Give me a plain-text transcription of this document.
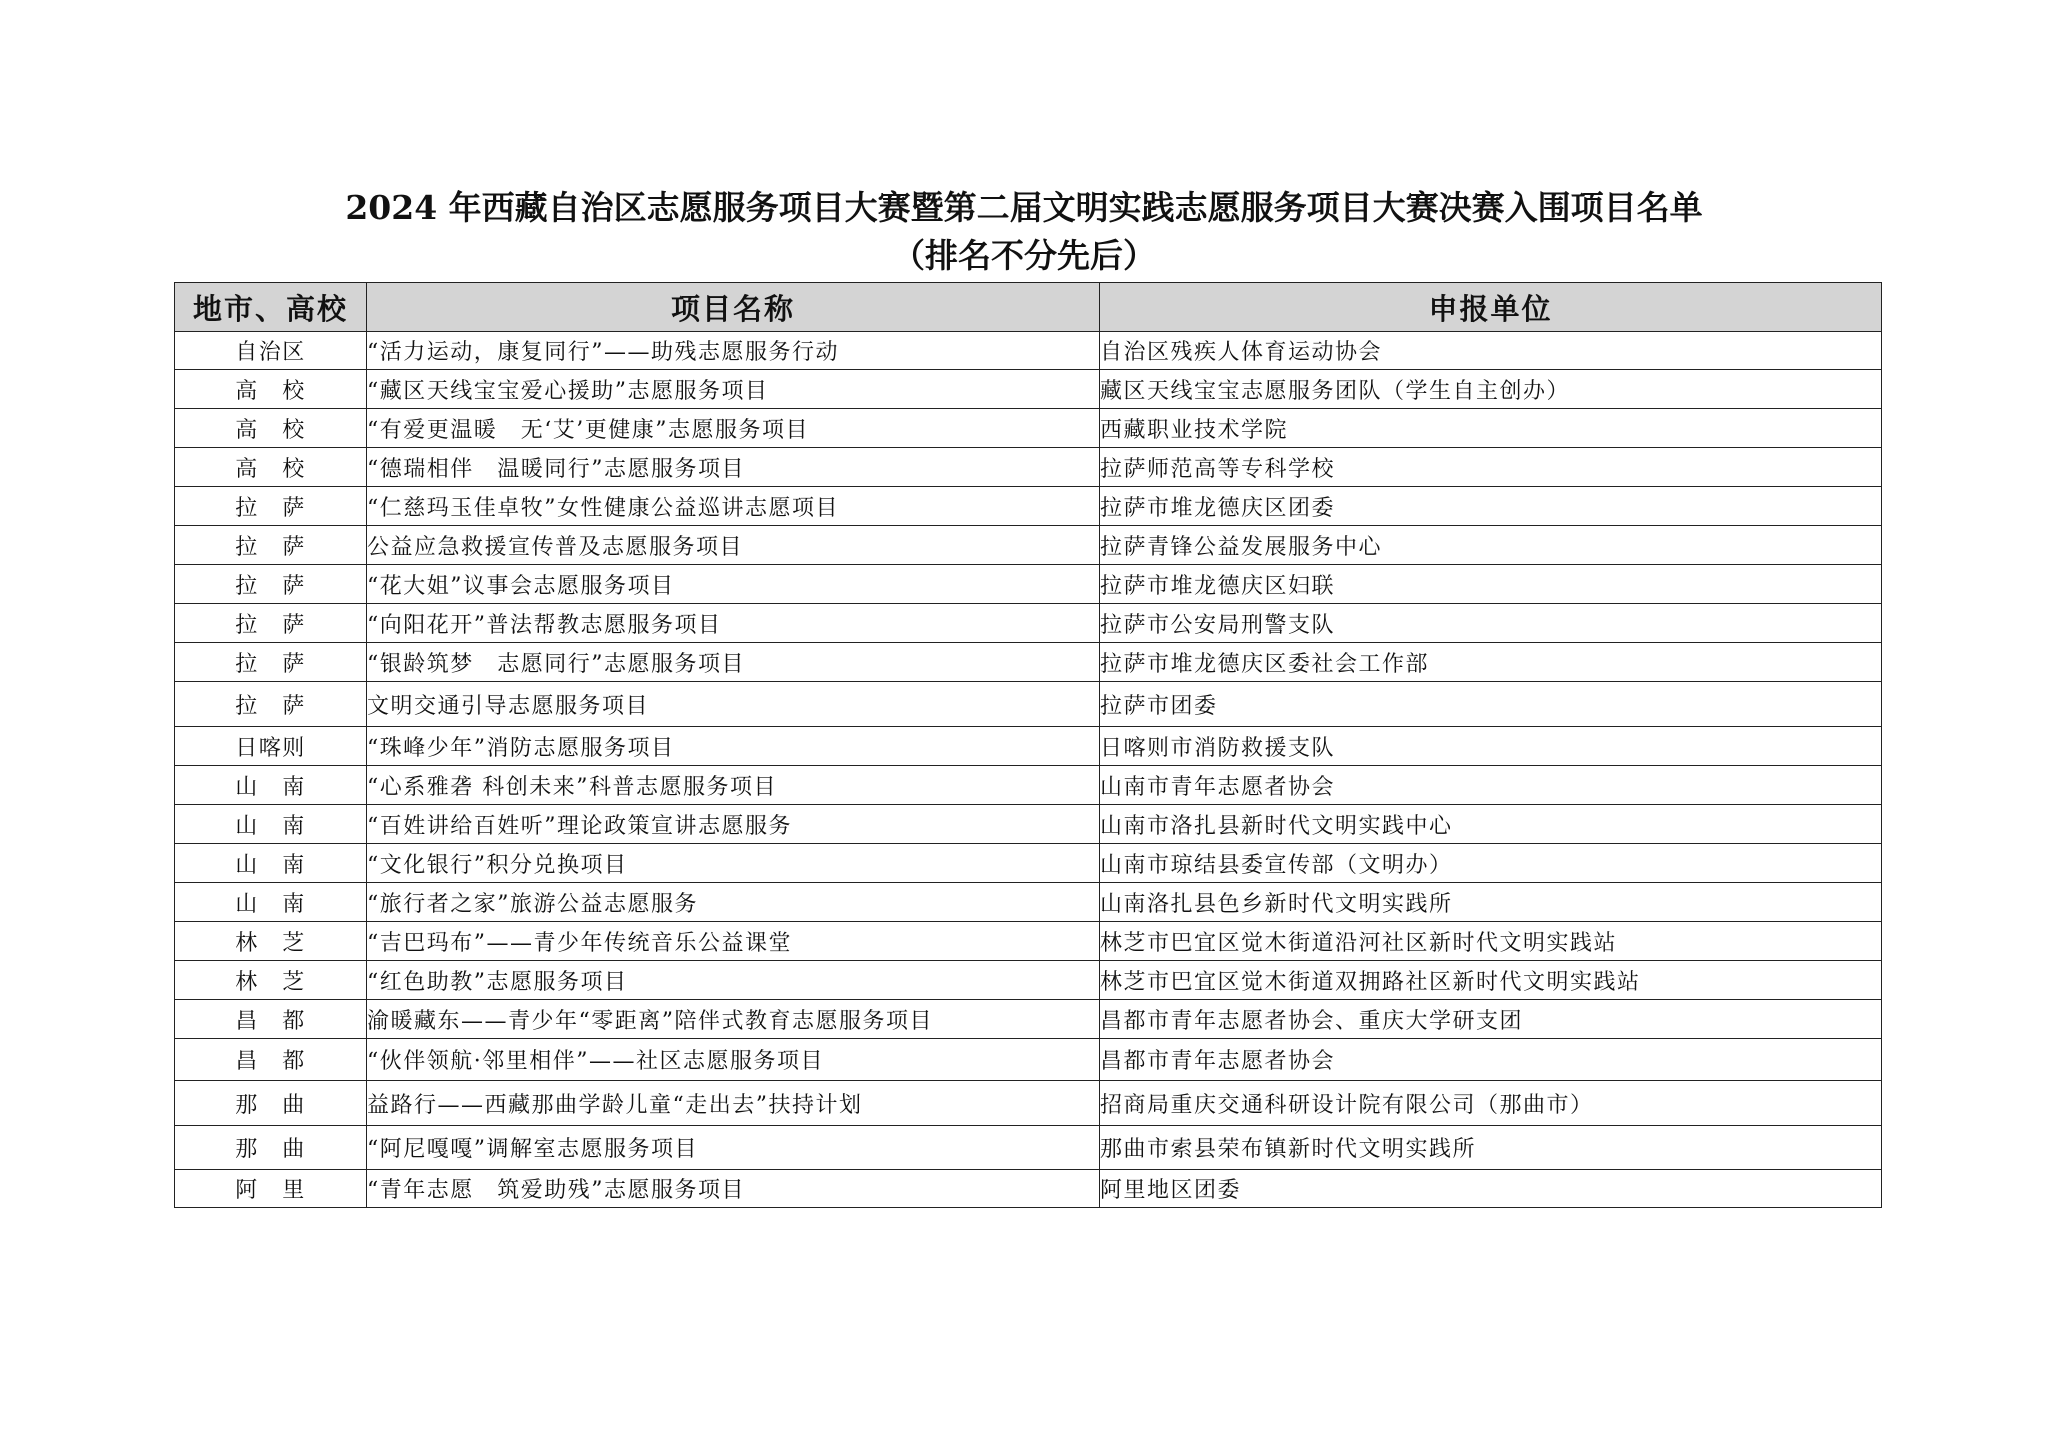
2024 年西藏自治区志愿服务项目大赛暨第二届文明实践志愿服务项目大赛决赛入围项目名单
（排名不分先后）
地市、高校	项目名称	申报单位
自治区	“活力运动，康复同行”——助残志愿服务行动	自治区残疾人体育运动协会
高　校	“藏区天线宝宝爱心援助”志愿服务项目	藏区天线宝宝志愿服务团队（学生自主创办）
高　校	“有爱更温暖　无‘艾’更健康”志愿服务项目	西藏职业技术学院
高　校	“德瑞相伴　温暖同行”志愿服务项目	拉萨师范高等专科学校
拉　萨	“仁慈玛玉佳卓牧”女性健康公益巡讲志愿项目	拉萨市堆龙德庆区团委
拉　萨	公益应急救援宣传普及志愿服务项目	拉萨青锋公益发展服务中心
拉　萨	“花大姐”议事会志愿服务项目	拉萨市堆龙德庆区妇联
拉　萨	“向阳花开”普法帮教志愿服务项目	拉萨市公安局刑警支队
拉　萨	“银龄筑梦　志愿同行”志愿服务项目	拉萨市堆龙德庆区委社会工作部
拉　萨	文明交通引导志愿服务项目	拉萨市团委
日喀则	“珠峰少年”消防志愿服务项目	日喀则市消防救援支队
山　南	“心系雅砻 科创未来”科普志愿服务项目	山南市青年志愿者协会
山　南	“百姓讲给百姓听”理论政策宣讲志愿服务	山南市洛扎县新时代文明实践中心
山　南	“文化银行”积分兑换项目	山南市琼结县委宣传部（文明办）
山　南	“旅行者之家”旅游公益志愿服务	山南洛扎县色乡新时代文明实践所
林　芝	“吉巴玛布”——青少年传统音乐公益课堂	林芝市巴宜区觉木街道沿河社区新时代文明实践站
林　芝	“红色助教”志愿服务项目	林芝市巴宜区觉木街道双拥路社区新时代文明实践站
昌　都	渝暖藏东——青少年“零距离”陪伴式教育志愿服务项目	昌都市青年志愿者协会、重庆大学研支团
昌　都	“伙伴领航·邻里相伴”——社区志愿服务项目	昌都市青年志愿者协会
那　曲	益路行——西藏那曲学龄儿童“走出去”扶持计划	招商局重庆交通科研设计院有限公司（那曲市）
那　曲	“阿尼嘎嘎”调解室志愿服务项目	那曲市索县荣布镇新时代文明实践所
阿　里	“青年志愿　筑爱助残”志愿服务项目	阿里地区团委
